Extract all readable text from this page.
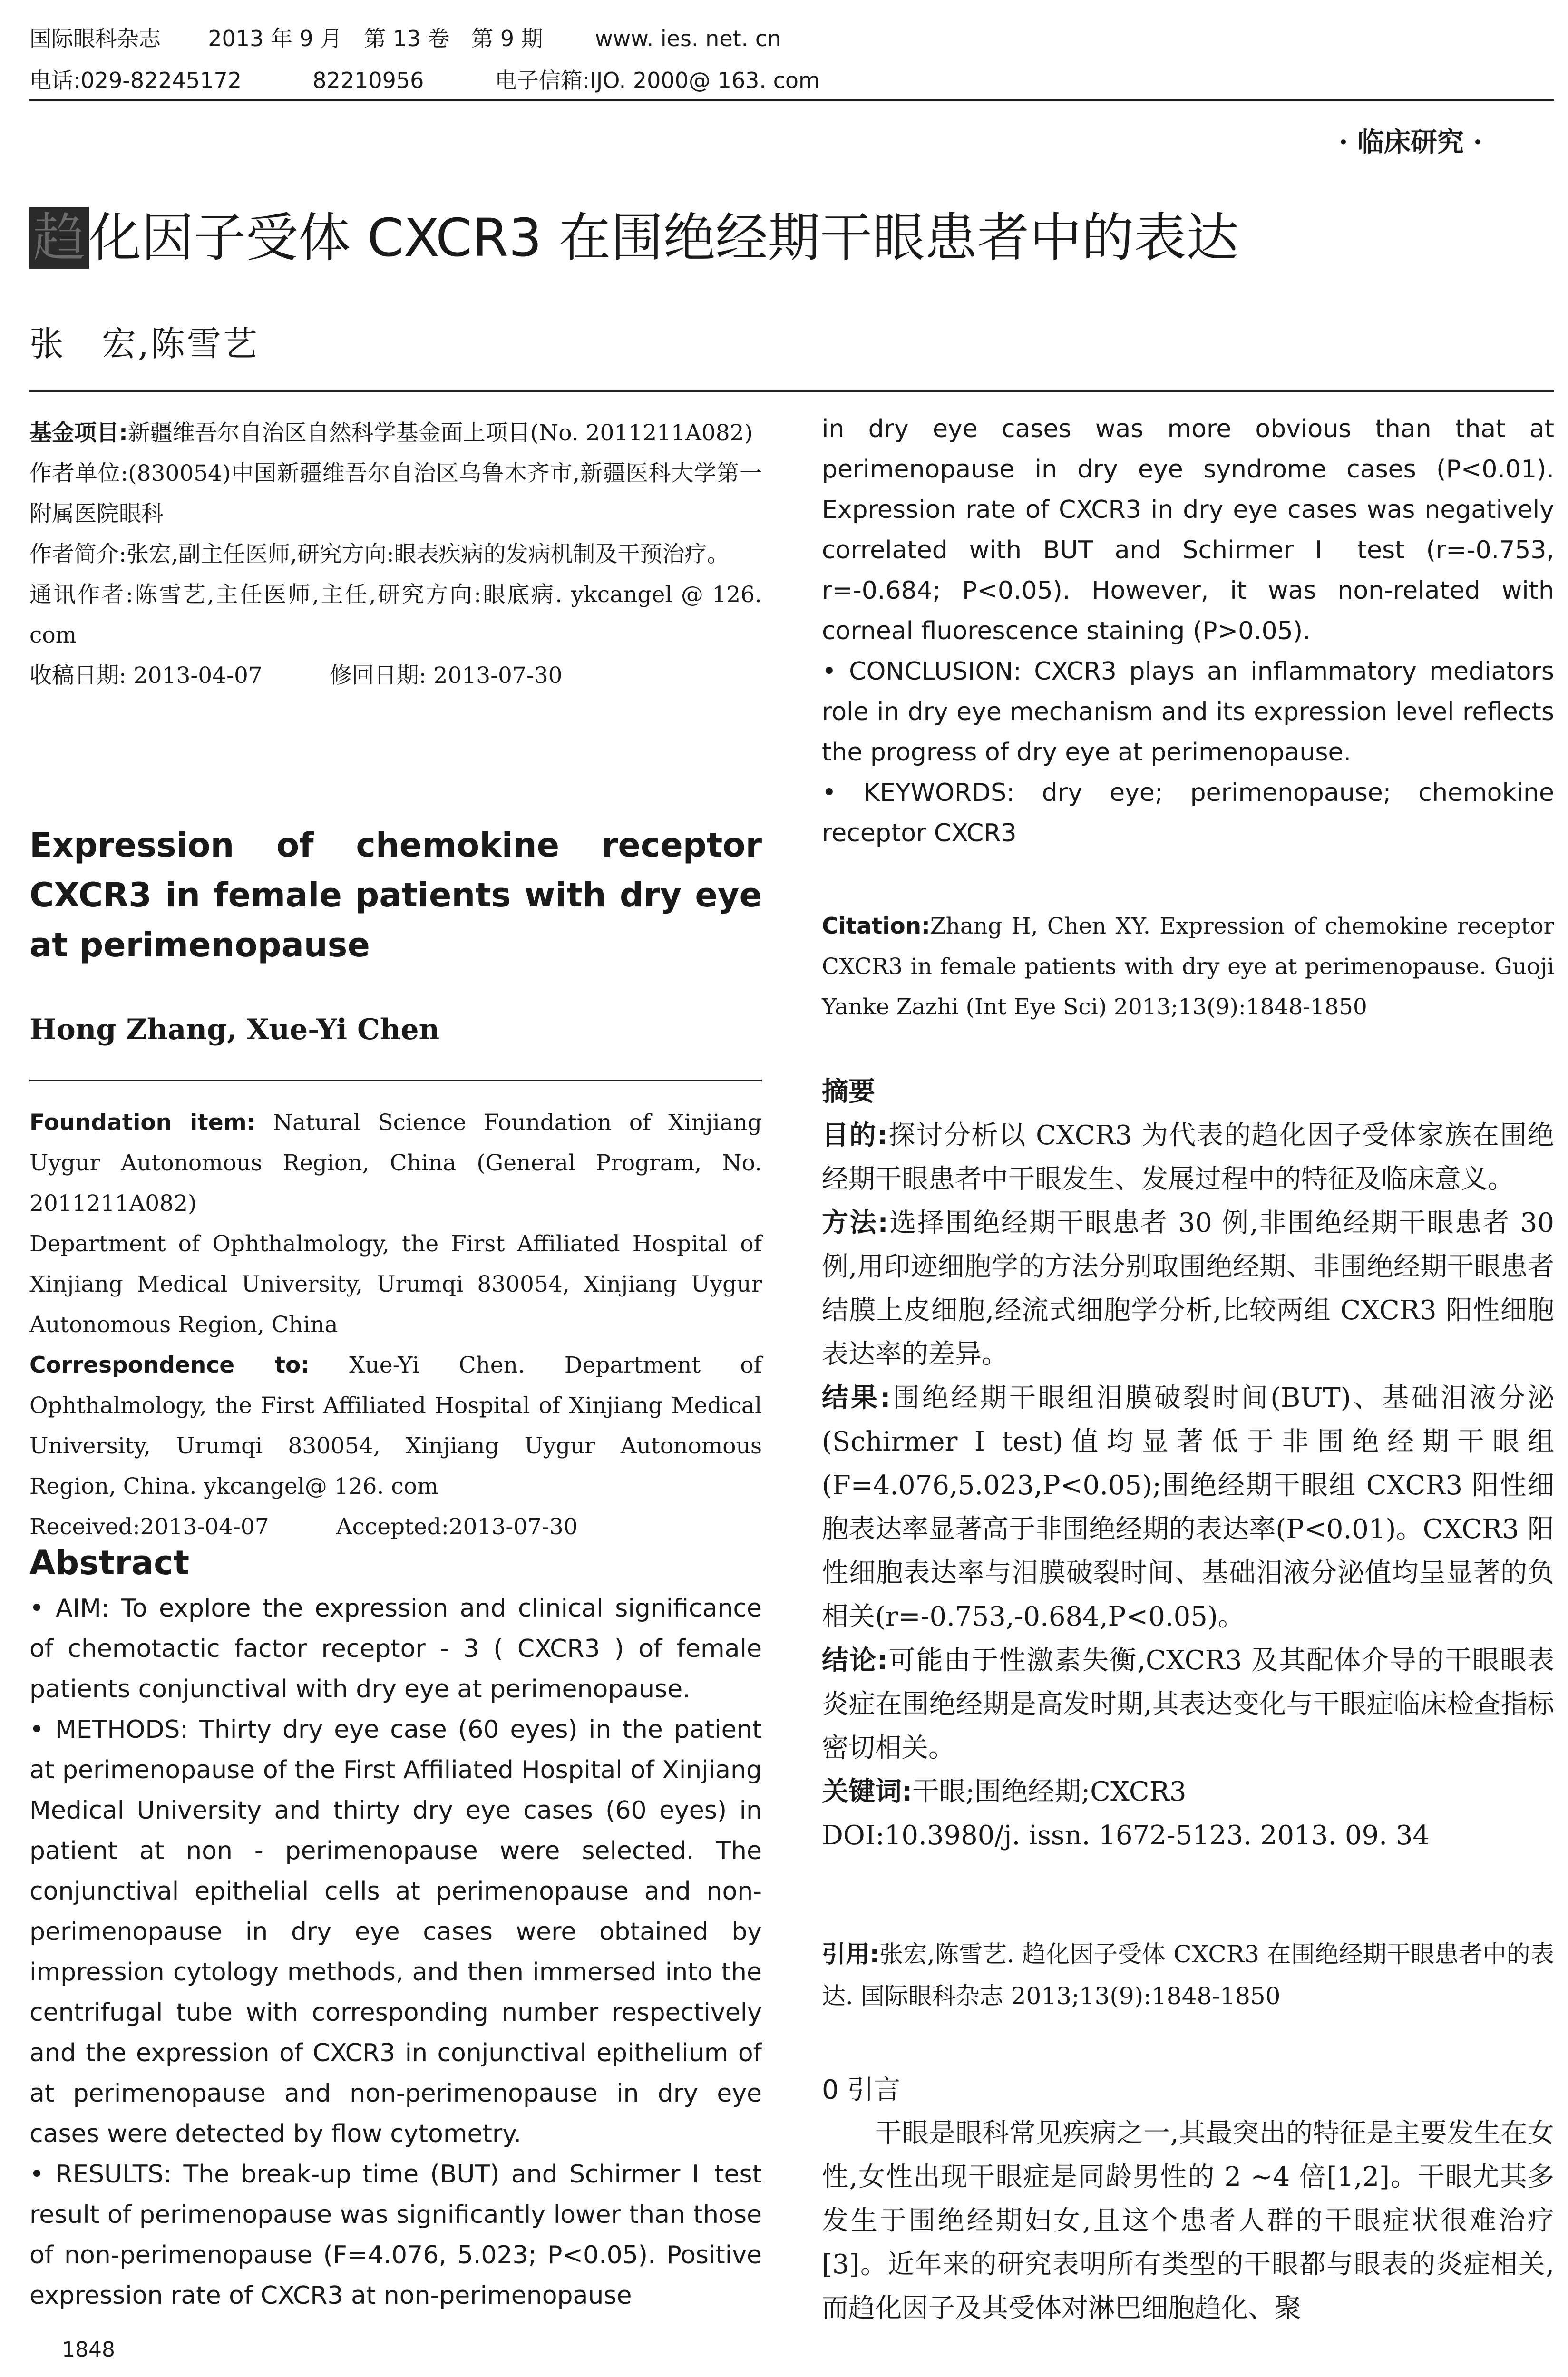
国际眼科杂志 2013 年 9 月　第 13 卷　第 9 期 www. ies. net. cn
电话:029-82245172	82210956	电子信箱:IJO. 2000@ 163. com
· 临床研究 ·
趋化因子受体 CXCR3 在围绝经期干眼患者中的表达
张　宏,陈雪艺

基金项目:新疆维吾尔自治区自然科学基金面上项目(No. 2011211A082)

作者单位:(830054)中国新疆维吾尔自治区乌鲁木齐市,新疆医科大学第一附属医院眼科

作者简介:张宏,副主任医师,研究方向:眼表疾病的发病机制及干预治疗。

通讯作者:陈雪艺,主任医师,主任,研究方向:眼底病. ykcangel @ 126. com

收稿日期: 2013-04-07　　　修回日期: 2013-07-30

Expression of chemokine receptor CXCR3 in female patients with dry eye at perimenopause
Hong Zhang, Xue-Yi Chen

Foundation item: Natural Science Foundation of Xinjiang Uygur Autonomous Region, China (General Program, No. 2011211A082)

Department of Ophthalmology, the First Affiliated Hospital of Xinjiang Medical University, Urumqi 830054, Xinjiang Uygur Autonomous Region, China

Correspondence to: Xue-Yi Chen. Department of Ophthalmology, the First Affiliated Hospital of Xinjiang Medical University, Urumqi 830054, Xinjiang Uygur Autonomous Region, China. ykcangel@ 126. com

Received:2013-04-07　　　Accepted:2013-07-30

Abstract

• AIM: To explore the expression and clinical significance of chemotactic factor receptor - 3 ( CXCR3 ) of female patients conjunctival with dry eye at perimenopause.

• METHODS: Thirty dry eye case (60 eyes) in the patient at perimenopause of the First Affiliated Hospital of Xinjiang Medical University and thirty dry eye cases (60 eyes) in patient at non - perimenopause were selected. The conjunctival epithelial cells at perimenopause and non- perimenopause in dry eye cases were obtained by impression cytology methods, and then immersed into the centrifugal tube with corresponding number respectively and the expression of CXCR3 in conjunctival epithelium of at perimenopause and non-perimenopause in dry eye cases were detected by flow cytometry.

• RESULTS: The break-up time (BUT) and Schirmer Ⅰ test result of perimenopause was significantly lower than those of non-perimenopause (F=4.076, 5.023; P<0.05). Positive expression rate of CXCR3 at non-perimenopause

1848

in dry eye cases was more obvious than that at perimenopause in dry eye syndrome cases (P<0.01). Expression rate of CXCR3 in dry eye cases was negatively correlated with BUT and Schirmer Ⅰ test (r=-0.753, r=-0.684; P<0.05). However, it was non-related with corneal fluorescence staining (P>0.05).

• CONCLUSION: CXCR3 plays an inflammatory mediators role in dry eye mechanism and its expression level reflects the progress of dry eye at perimenopause.

• KEYWORDS: dry eye; perimenopause; chemokine receptor CXCR3

Citation:Zhang H, Chen XY. Expression of chemokine receptor CXCR3 in female patients with dry eye at perimenopause. Guoji Yanke Zazhi (Int Eye Sci) 2013;13(9):1848-1850

摘要

目的:探讨分析以 CXCR3 为代表的趋化因子受体家族在围绝经期干眼患者中干眼发生、发展过程中的特征及临床意义。

方法:选择围绝经期干眼患者 30 例,非围绝经期干眼患者 30 例,用印迹细胞学的方法分别取围绝经期、非围绝经期干眼患者结膜上皮细胞,经流式细胞学分析,比较两组 CXCR3 阳性细胞表达率的差异。

结果:围绝经期干眼组泪膜破裂时间(BUT)、基础泪液分泌(Schirmer I test)值均显著低于非围绝经期干眼组(F=4.076,5.023,P<0.05);围绝经期干眼组 CXCR3 阳性细胞表达率显著高于非围绝经期的表达率(P<0.01)。CXCR3 阳性细胞表达率与泪膜破裂时间、基础泪液分泌值均呈显著的负相关(r=-0.753,-0.684,P<0.05)。

结论:可能由于性激素失衡,CXCR3 及其配体介导的干眼眼表炎症在围绝经期是高发时期,其表达变化与干眼症临床检查指标密切相关。

关键词:干眼;围绝经期;CXCR3

DOI:10.3980/j. issn. 1672-5123. 2013. 09. 34

引用:张宏,陈雪艺. 趋化因子受体 CXCR3 在围绝经期干眼患者中的表达. 国际眼科杂志 2013;13(9):1848-1850

0 引言

干眼是眼科常见疾病之一,其最突出的特征是主要发生在女性,女性出现干眼症是同龄男性的 2 ~4 倍[1,2]。干眼尤其多发生于围绝经期妇女,且这个患者人群的干眼症状很难治疗[3]。近年来的研究表明所有类型的干眼都与眼表的炎症相关,而趋化因子及其受体对淋巴细胞趋化、聚
